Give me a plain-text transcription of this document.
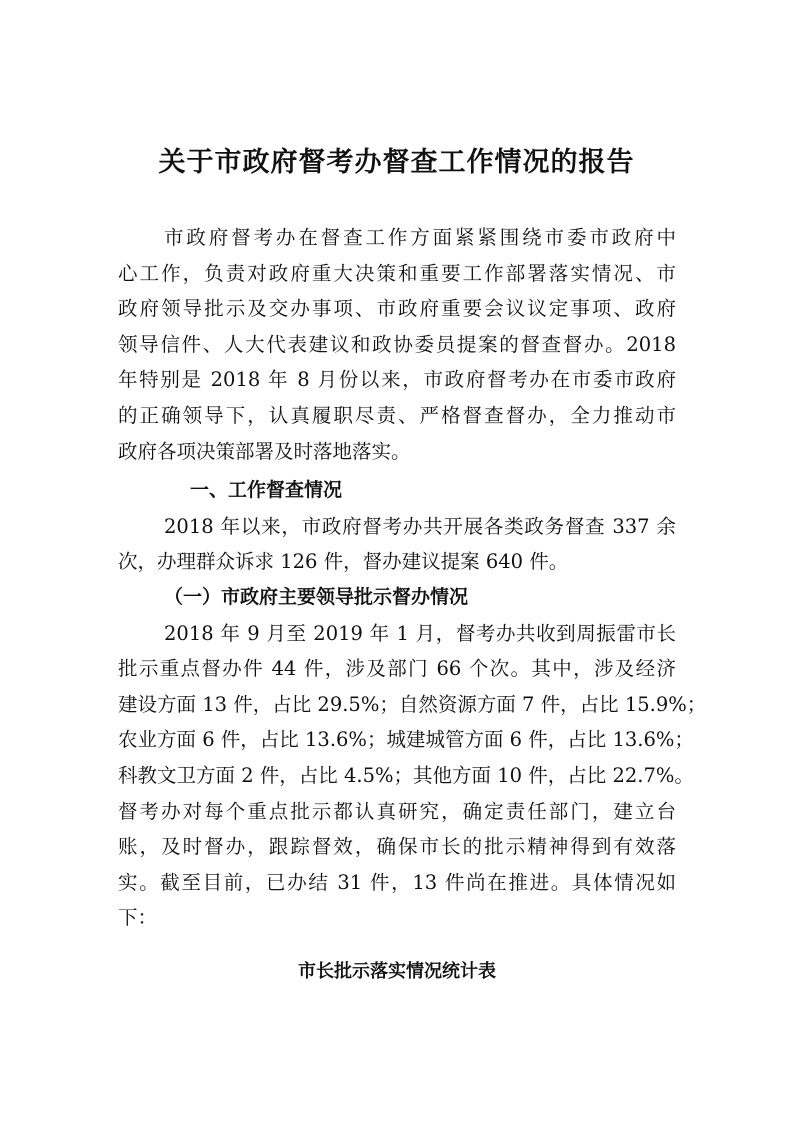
关于市政府督考办督查工作情况的报告
市政府督考办在督查工作方面紧紧围绕市委市政府中
心工作，负责对政府重大决策和重要工作部署落实情况、市
政府领导批示及交办事项、市政府重要会议议定事项、政府
领导信件、人大代表建议和政协委员提案的督查督办。2018
年特别是 2018 年 8 月份以来，市政府督考办在市委市政府
的正确领导下，认真履职尽责、严格督查督办，全力推动市
政府各项决策部署及时落地落实。
一、工作督查情况
2018 年以来，市政府督考办共开展各类政务督查 337 余
次，办理群众诉求 126 件，督办建议提案 640 件。
（一）市政府主要领导批示督办情况
2018 年 9 月至 2019 年 1 月，督考办共收到周振雷市长
批示重点督办件 44 件，涉及部门 66 个次。其中，涉及经济
建设方面 13 件，占比 29.5%；自然资源方面 7 件，占比 15.9%；
农业方面 6 件，占比 13.6%；城建城管方面 6 件，占比 13.6%；
科教文卫方面 2 件，占比 4.5%；其他方面 10 件，占比 22.7%。
督考办对每个重点批示都认真研究，确定责任部门，建立台
账，及时督办，跟踪督效，确保市长的批示精神得到有效落
实。截至目前，已办结 31 件，13 件尚在推进。具体情况如
下：
市长批示落实情况统计表
